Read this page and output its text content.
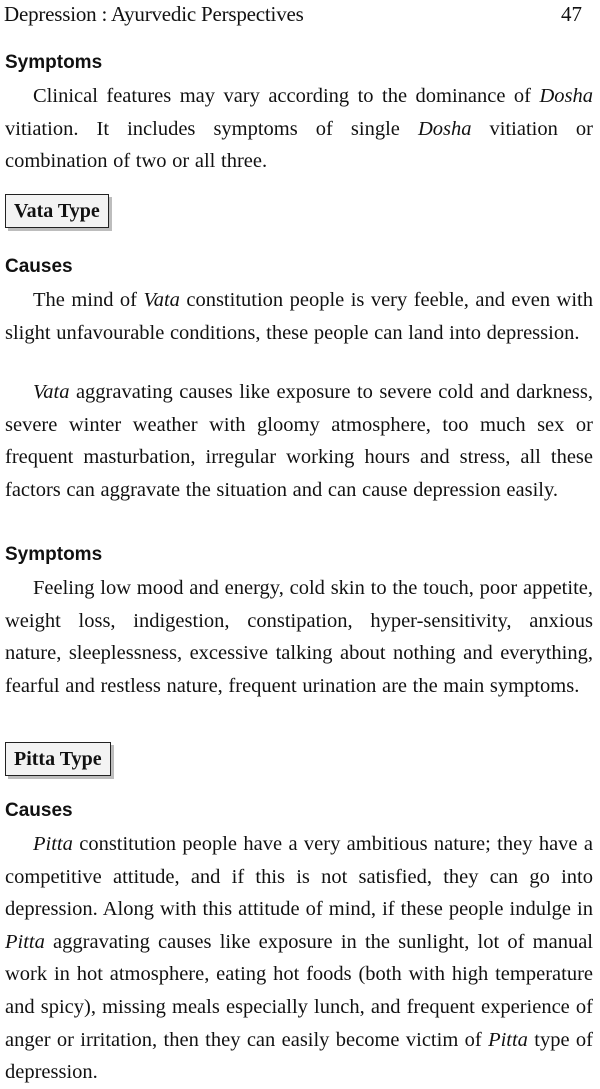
Depression : Ayurvedic Perspectives	47
Symptoms
Clinical features may vary according to the dominance of Dosha vitiation. It includes symptoms of single Dosha vitiation or combination of two or all three.
Vata Type
Causes
The mind of Vata constitution people is very feeble, and even with slight unfavourable conditions, these people can land into depression.
Vata aggravating causes like exposure to severe cold and darkness, severe winter weather with gloomy atmosphere, too much sex or frequent masturbation, irregular working hours and stress, all these factors can aggravate the situation and can cause depression easily.
Symptoms
Feeling low mood and energy, cold skin to the touch, poor appetite, weight loss, indigestion, constipation, hyper-sensitivity, anxious nature, sleeplessness, excessive talking about nothing and everything, fearful and restless nature, frequent urination are the main symptoms.
Pitta Type
Causes
Pitta constitution people have a very ambitious nature; they have a competitive attitude, and if this is not satisfied, they can go into depression. Along with this attitude of mind, if these people indulge in Pitta aggravating causes like exposure in the sunlight, lot of manual work in hot atmosphere, eating hot foods (both with high temperature and spicy), missing meals especially lunch, and frequent experience of anger or irritation, then they can easily become victim of Pitta type of depression.
